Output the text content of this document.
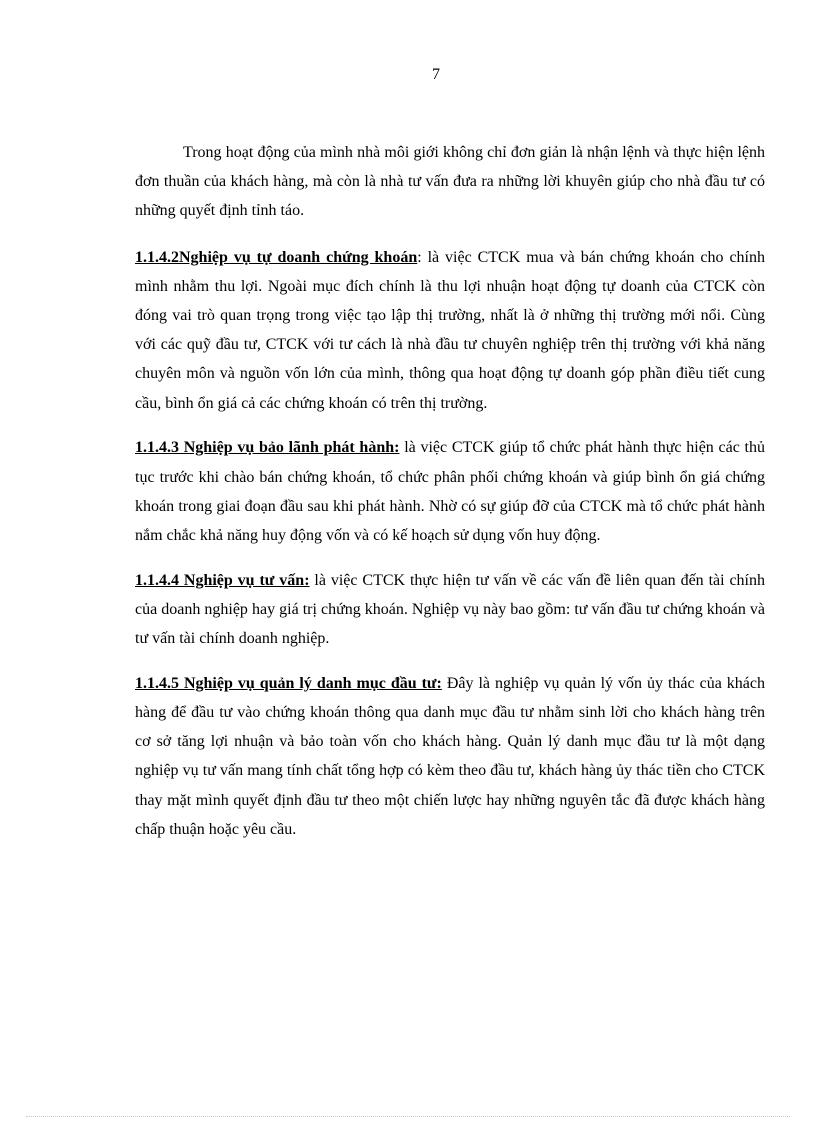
7

Trong hoạt động của mình nhà môi giới không chỉ đơn giản là nhận lệnh và thực hiện lệnh đơn thuần của khách hàng, mà còn là nhà tư vấn đưa ra những lời khuyên giúp cho nhà đầu tư có những quyết định tỉnh táo.

1.1.4.2Nghiệp vụ tự doanh chứng khoán: là việc CTCK mua và bán chứng khoán cho chính mình nhằm thu lợi. Ngoài mục đích chính là thu lợi nhuận hoạt động tự doanh của CTCK còn đóng vai trò quan trọng trong việc tạo lập thị trường, nhất là ở những thị trường mới nổi. Cùng với các quỹ đầu tư, CTCK với tư cách là nhà đầu tư chuyên nghiệp trên thị trường với khả năng chuyên môn và nguồn vốn lớn của mình, thông qua hoạt động tự doanh góp phần điều tiết cung cầu, bình ổn giá cả các chứng khoán có trên thị trường.

1.1.4.3 Nghiệp vụ bảo lãnh phát hành: là việc CTCK giúp tổ chức phát hành thực hiện các thủ tục trước khi chào bán chứng khoán, tổ chức phân phối chứng khoán và giúp bình ổn giá chứng khoán trong giai đoạn đầu sau khi phát hành. Nhờ có sự giúp đỡ của CTCK mà tổ chức phát hành nắm chắc khả năng huy động vốn và có kế hoạch sử dụng vốn huy động.

1.1.4.4 Nghiệp vụ tư vấn: là việc CTCK thực hiện tư vấn về các vấn đề liên quan đến tài chính của doanh nghiệp hay giá trị chứng khoán. Nghiệp vụ này bao gồm: tư vấn đầu tư chứng khoán và tư vấn tài chính doanh nghiệp.

1.1.4.5 Nghiệp vụ quản lý danh mục đầu tư: Đây là nghiệp vụ quản lý vốn ủy thác của khách hàng để đầu tư vào chứng khoán thông qua danh mục đầu tư nhằm sinh lời cho khách hàng trên cơ sở tăng lợi nhuận và bảo toàn vốn cho khách hàng. Quản lý danh mục đầu tư là một dạng nghiệp vụ tư vấn mang tính chất tổng hợp có kèm theo đầu tư, khách hàng ủy thác tiền cho CTCK thay mặt mình quyết định đầu tư theo một chiến lược hay những nguyên tắc đã được khách hàng chấp thuận hoặc yêu cầu.
